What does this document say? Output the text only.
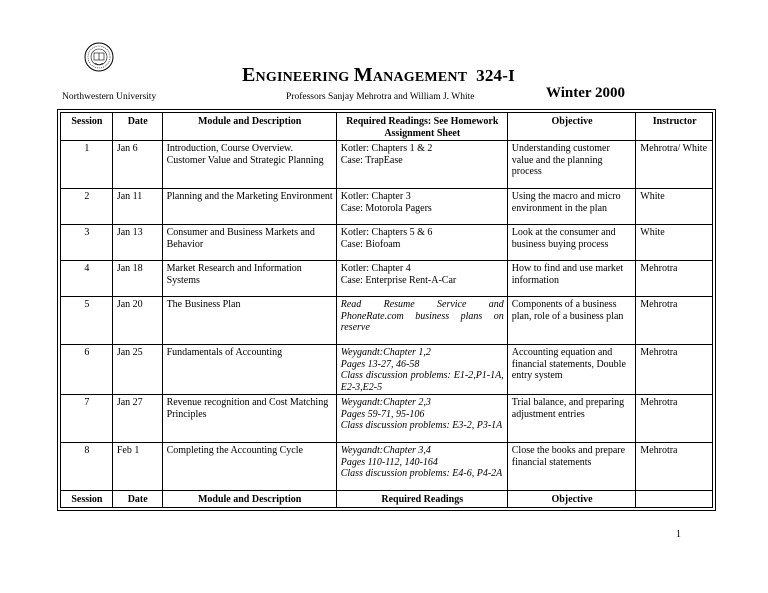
ENGINEERING MANAGEMENT 324-I
Northwestern University	Professors Sanjay Mehrotra and William J. White	Winter 2000
Session	Date	Module and Description	Required Readings: See Homework Assignment Sheet	Objective	Instructor
1	Jan 6	Introduction, Course Overview. Customer Value and Strategic Planning	Kotler: Chapters 1 & 2
Case: TrapEase	Understanding customer value and the planning process	Mehrotra/ White
2	Jan 11	Planning and the Marketing Environment	Kotler: Chapter 3
Case: Motorola Pagers	Using the macro and micro environment in the plan	White
3	Jan 13	Consumer and Business Markets and Behavior	Kotler: Chapters 5 & 6
Case: Biofoam	Look at the consumer and business buying process	White
4	Jan 18	Market Research and Information Systems	Kotler: Chapter 4
Case: Enterprise Rent-A-Car	How to find and use market information	Mehrotra
5	Jan 20	The Business Plan	Read Resume Service and PhoneRate.com business plans on reserve	Components of a business plan, role of a business plan	Mehrotra
6	Jan 25	Fundamentals of Accounting	Weygandt:Chapter 1,2
Pages 13-27, 46-58
Class discussion problems: E1-2,P1-1A, E2-3,E2-5	Accounting equation and financial statements, Double entry system	Mehrotra
7	Jan 27	Revenue recognition and Cost Matching Principles	Weygandt:Chapter 2,3
Pages 59-71, 95-106
Class discussion problems: E3-2, P3-1A	Trial balance, and preparing adjustment entries	Mehrotra
8	Feb 1	Completing the Accounting Cycle	Weygandt:Chapter 3,4
Pages 110-112, 140-164
Class discussion problems: E4-6, P4-2A	Close the books and prepare financial statements	Mehrotra
Session	Date	Module and Description	Required Readings	Objective	
1
